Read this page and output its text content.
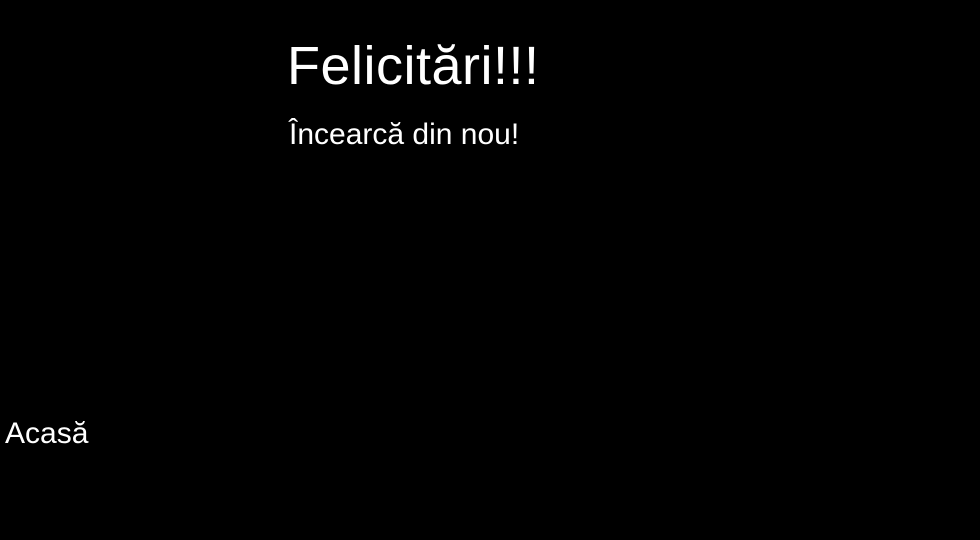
Felicitări!!!
Încearcă din nou!
Acasă
